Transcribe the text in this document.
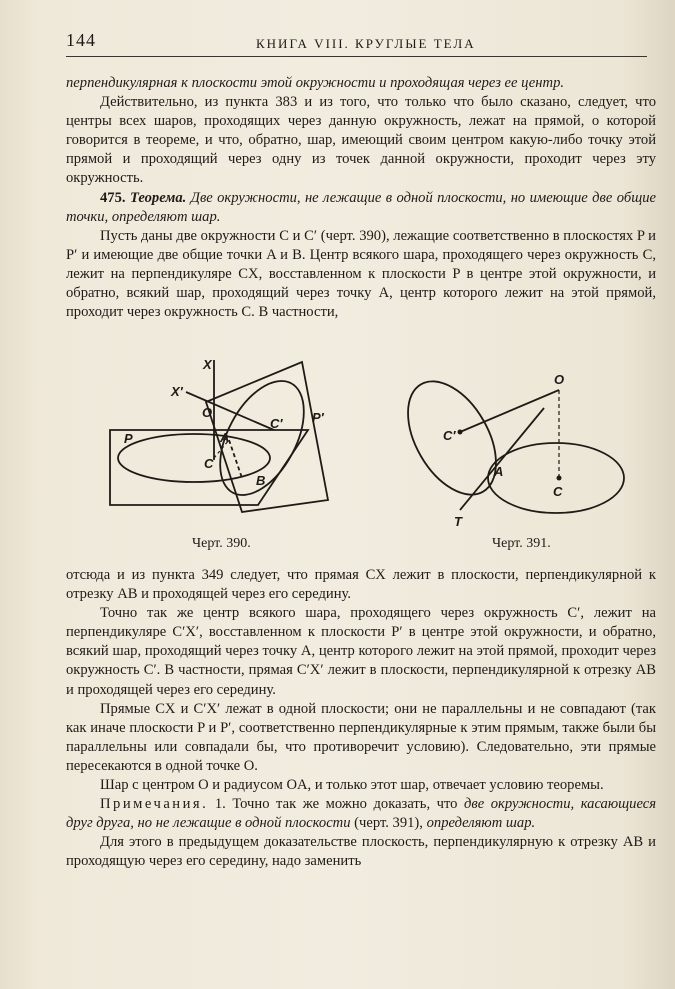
144	КНИГА VIII. КРУГЛЫЕ ТЕЛА

перпендикулярная к плоскости этой окружности и проходящая через ее центр.

Действительно, из пункта 383 и из того, что только что было сказано, следует, что центры всех шаров, проходящих через данную окружность, лежат на прямой, о которой говорится в теореме, и что, обратно, шар, имеющий своим центром какую-либо точку этой прямой и проходящий через одну из точек данной окружности, проходит через эту окружность.

475. Теорема. Две окружности, не лежащие в одной плоскости, но имеющие две общие точки, определяют шар.

Пусть даны две окружности C и C′ (черт. 390), лежащие соответственно в плоскостях P и P′ и имеющие две общие точки A и B. Центр всякого шара, проходящего через окружность C, лежит на перпендикуляре CX, восставленном к плоскости P в центре этой окружности, и обратно, всякий шар, проходящий через точку A, центр которого лежит на этой прямой, проходит через окружность C. В частности,

X
X′
O
P
P′
C′
A
C
B
O
C′
A
C
T
Черт. 390.	Черт. 391.

отсюда и из пункта 349 следует, что прямая CX лежит в плоскости, перпендикулярной к отрезку AB и проходящей через его середину.

Точно так же центр всякого шара, проходящего через окружность C′, лежит на перпендикуляре C′X′, восставленном к плоскости P′ в центре этой окружности, и обратно, всякий шар, проходящий через точку A, центр которого лежит на этой прямой, проходит через окружность C′. В частности, прямая C′X′ лежит в плоскости, перпендикулярной к отрезку AB и проходящей через его середину.

Прямые CX и C′X′ лежат в одной плоскости; они не параллельны и не совпадают (так как иначе плоскости P и P′, соответственно перпендикулярные к этим прямым, также были бы параллельны или совпадали бы, что противоречит условию). Следовательно, эти прямые пересекаются в одной точке O.

Шар с центром O и радиусом OA, и только этот шар, отвечает условию теоремы.

Примечания. 1. Точно так же можно доказать, что две окружности, касающиеся друг друга, но не лежащие в одной плоскости (черт. 391), определяют шар.

Для этого в предыдущем доказательстве плоскость, перпендикулярную к отрезку AB и проходящую через его середину, надо заменить
